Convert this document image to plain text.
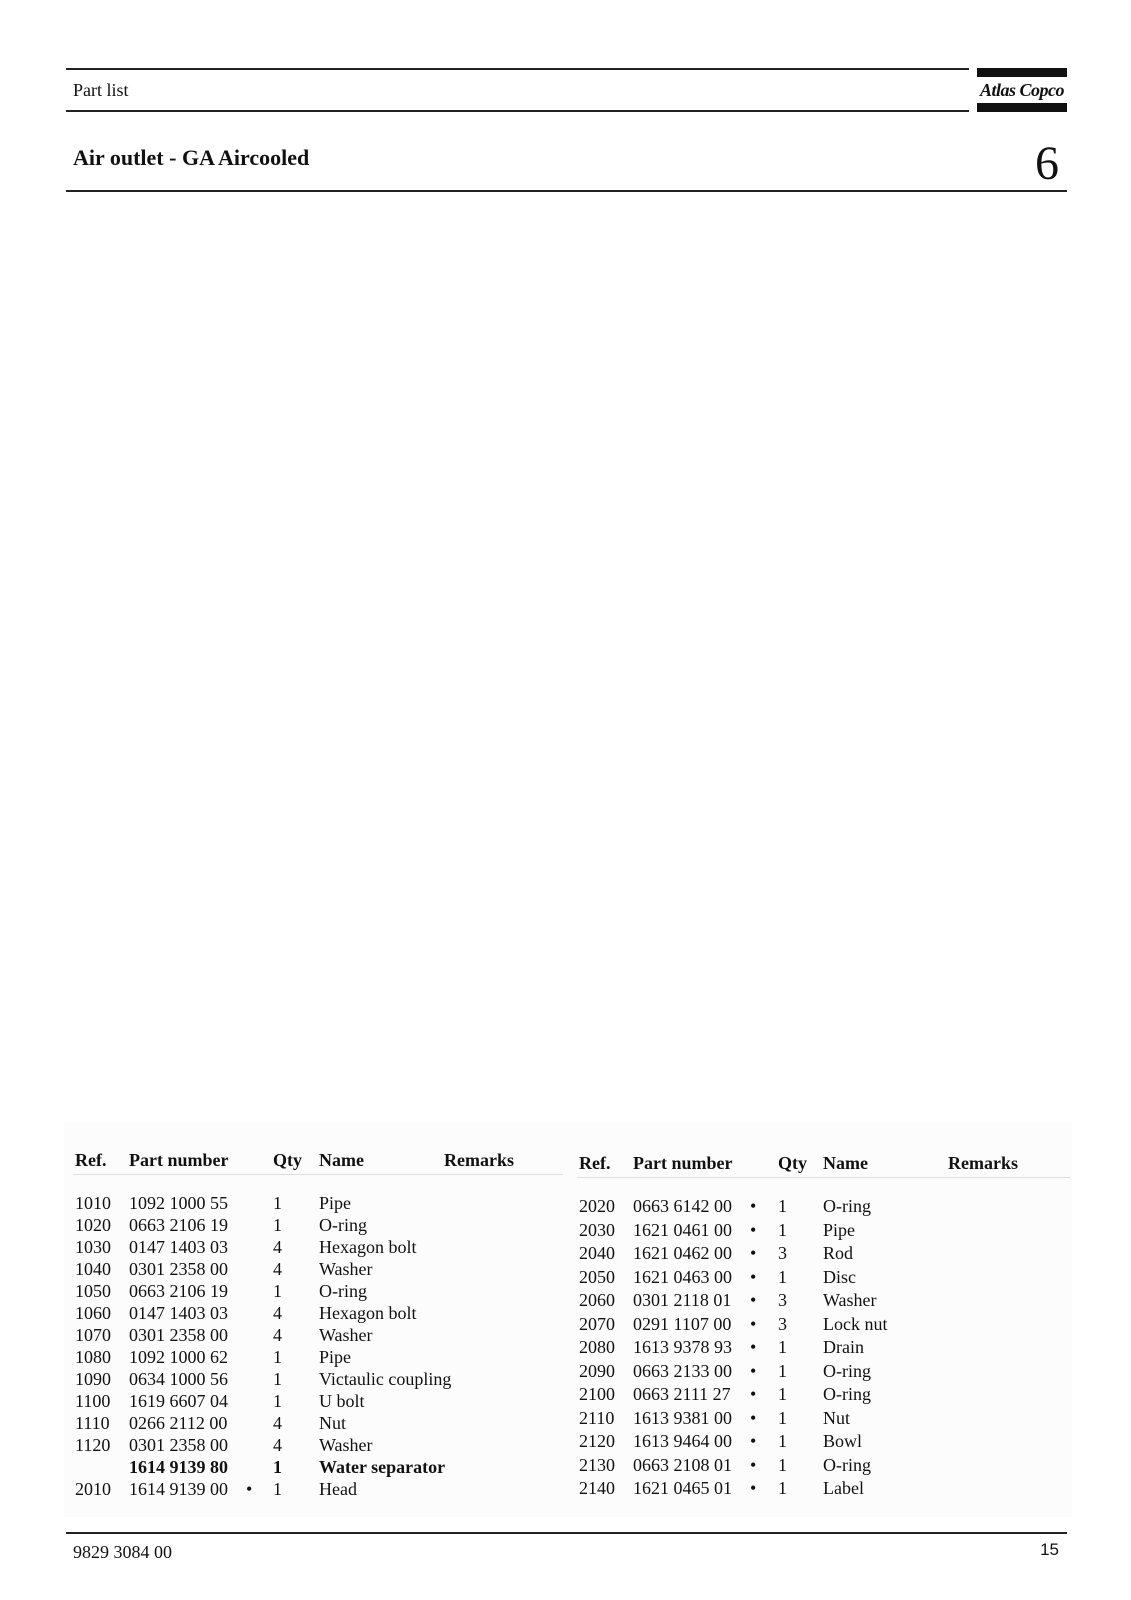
Part list	Atlas Copco
Air outlet - GA Aircooled	6
Ref. Part number Qty Name	Remarks
1010 1092 1000 55	1 Pipe
1020 0663 2106 19	1 O-ring
1030 0147 1403 03	4 Hexagon bolt
1040 0301 2358 00	4 Washer
1050 0663 2106 19	1 O-ring
1060 0147 1403 03	4 Hexagon bolt
1070 0301 2358 00	4 Washer
1080 1092 1000 62	1 Pipe
1090 0634 1000 56	1 Victaulic coupling
1100 1619 6607 04	1 U bolt
1110 0266 2112 00	4 Nut
1120 0301 2358 00	4 Washer
1614 9139 80	1 Water separator
2010 1614 9139 00 • 1 Head
Ref. Part number	Qty Name	Remarks
2020 0663 6142 00 • 1 O-ring
2030 1621 0461 00 • 1 Pipe
2040 1621 0462 00 • 3 Rod
2050 1621 0463 00 • 1 Disc
2060 0301 2118 01 • 3 Washer
2070 0291 1107 00 • 3 Lock nut
2080 1613 9378 93 • 1 Drain
2090 0663 2133 00 • 1 O-ring
2100 0663 2111 27 • 1 O-ring
2110 1613 9381 00 • 1 Nut
2120 1613 9464 00 • 1 Bowl
2130 0663 2108 01 • 1 O-ring
2140 1621 0465 01 • 1 Label
9829 3084 00	15
